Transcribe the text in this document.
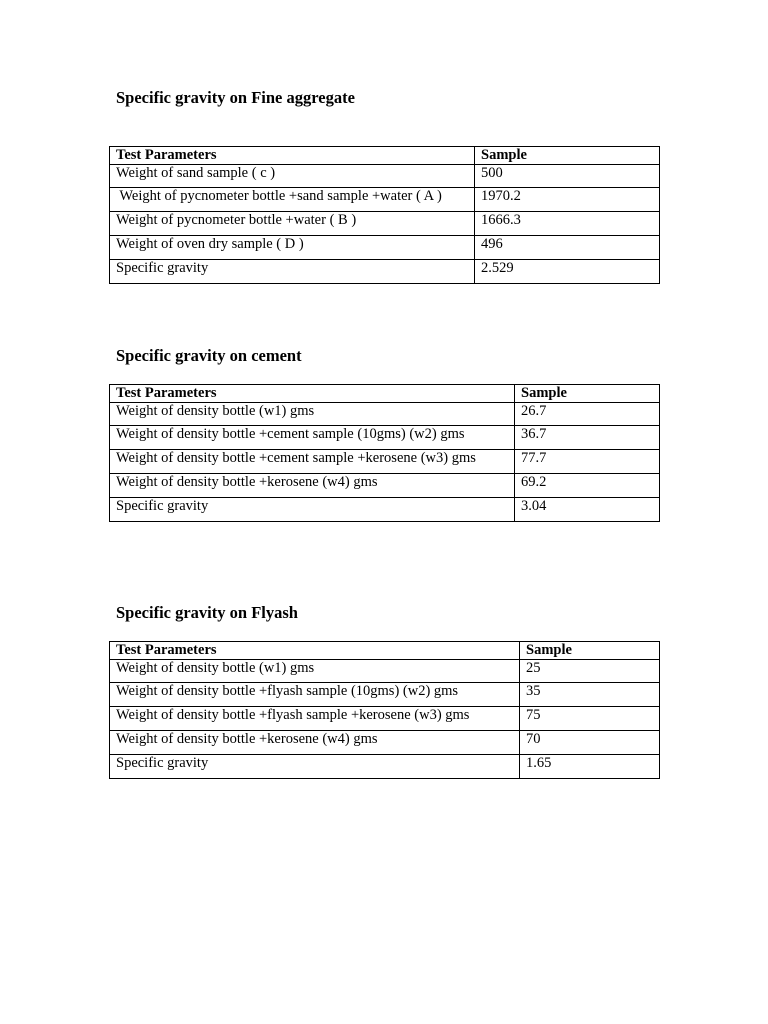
Specific gravity on Fine aggregate
Test Parameters	Sample
Weight of sand sample ( c )	500
Weight of pycnometer bottle +sand sample +water ( A )	1970.2
Weight of pycnometer bottle +water ( B )	1666.3
Weight of oven dry sample ( D )	496
Specific gravity	2.529
Specific gravity on cement
Test Parameters	Sample
Weight of density bottle (w1) gms	26.7
Weight of density bottle +cement sample (10gms) (w2) gms	36.7
Weight of density bottle +cement sample +kerosene (w3) gms	77.7
Weight of density bottle +kerosene (w4) gms	69.2
Specific gravity	3.04
Specific gravity on Flyash
Test Parameters	Sample
Weight of density bottle (w1) gms	25
Weight of density bottle +flyash sample (10gms) (w2) gms	35
Weight of density bottle +flyash sample +kerosene (w3) gms	75
Weight of density bottle +kerosene (w4) gms	70
Specific gravity	1.65
